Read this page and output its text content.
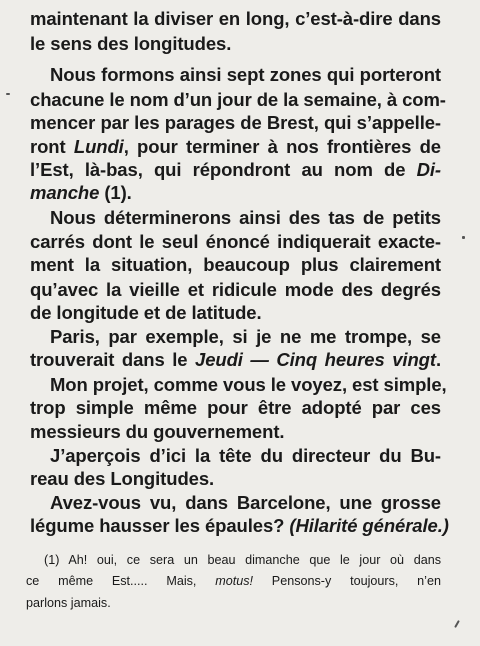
maintenant la diviser en long, c’est-à-dire dans
le sens des longitudes.
Nous formons ainsi sept zones qui porteront
chacune le nom d’un jour de la semaine, à com-
mencer par les parages de Brest, qui s’appelle-
ront Lundi, pour terminer à nos frontières de
l’Est, là-bas, qui répondront au nom de Di-
manche (1).
Nous déterminerons ainsi des tas de petits
carrés dont le seul énoncé indiquerait exacte-
ment la situation, beaucoup plus clairement
qu’avec la vieille et ridicule mode des degrés
de longitude et de latitude.
Paris, par exemple, si je ne me trompe, se
trouverait dans le Jeudi — Cinq heures vingt.
Mon projet, comme vous le voyez, est simple,
trop simple même pour être adopté par ces
messieurs du gouvernement.
J’aperçois d’ici la tête du directeur du Bu-
reau des Longitudes.
Avez-vous vu, dans Barcelone, une grosse
légume hausser les épaules? (Hilarité générale.)
(1) Ah! oui, ce sera un beau dimanche que le jour où dans
ce même Est..... Mais, motus! Pensons-y toujours, n’en
parlons jamais.
